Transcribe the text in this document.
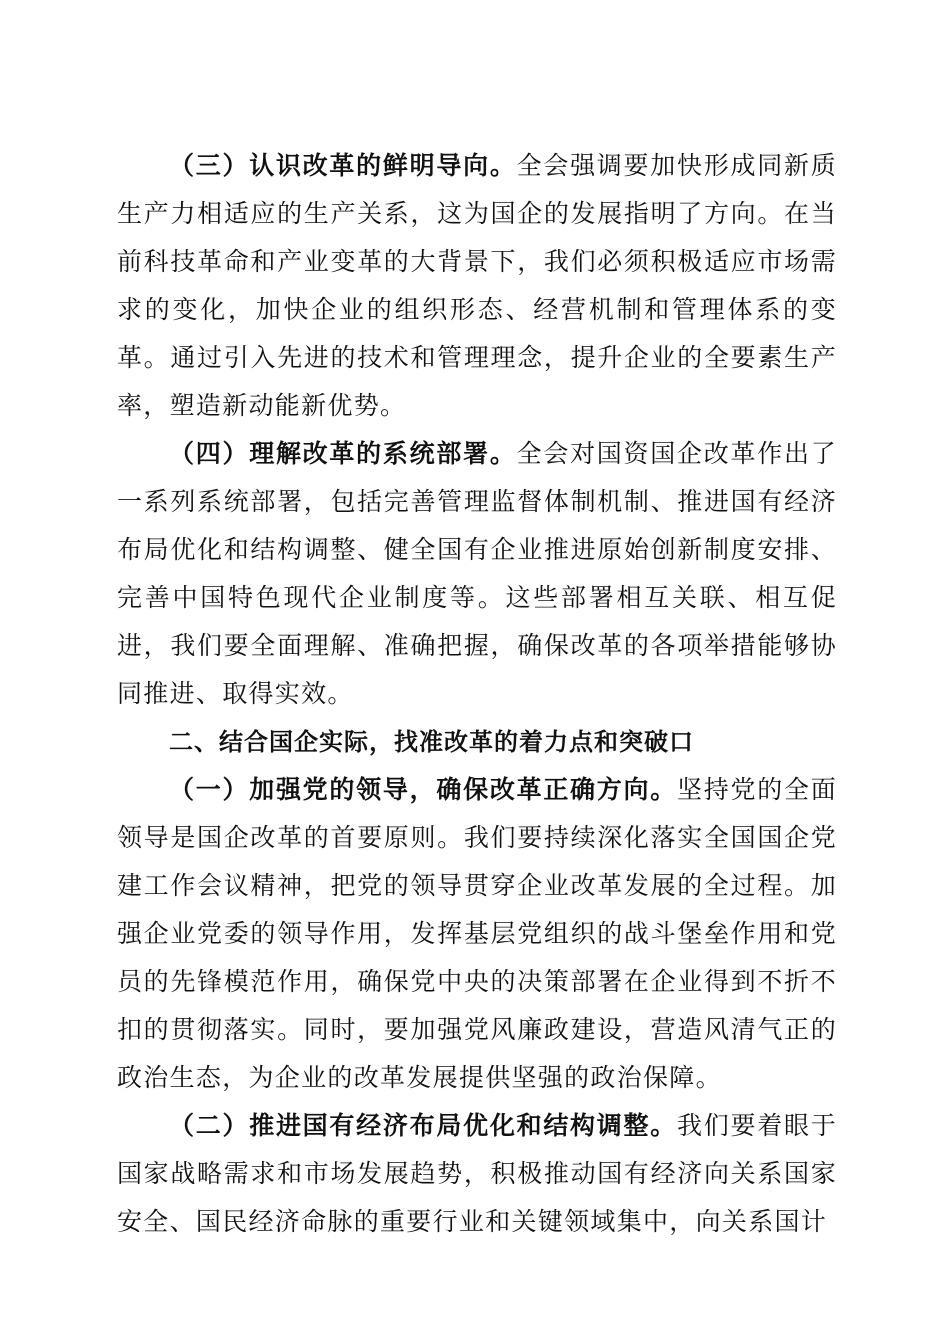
（三）认识改革的鲜明导向。全会强调要加快形成同新质生产力相适应的生产关系，这为国企的发展指明了方向。在当前科技革命和产业变革的大背景下，我们必须积极适应市场需求的变化，加快企业的组织形态、经营机制和管理体系的变革。通过引入先进的技术和管理理念，提升企业的全要素生产率，塑造新动能新优势。

（四）理解改革的系统部署。全会对国资国企改革作出了一系列系统部署，包括完善管理监督体制机制、推进国有经济布局优化和结构调整、健全国有企业推进原始创新制度安排、完善中国特色现代企业制度等。这些部署相互关联、相互促进，我们要全面理解、准确把握，确保改革的各项举措能够协同推进、取得实效。

二、结合国企实际，找准改革的着力点和突破口

（一）加强党的领导，确保改革正确方向。坚持党的全面领导是国企改革的首要原则。我们要持续深化落实全国国企党建工作会议精神，把党的领导贯穿企业改革发展的全过程。加强企业党委的领导作用，发挥基层党组织的战斗堡垒作用和党员的先锋模范作用，确保党中央的决策部署在企业得到不折不扣的贯彻落实。同时，要加强党风廉政建设，营造风清气正的政治生态，为企业的改革发展提供坚强的政治保障。

（二）推进国有经济布局优化和结构调整。我们要着眼于国家战略需求和市场发展趋势，积极推动国有经济向关系国家安全、国民经济命脉的重要行业和关键领域集中，向关系国计
